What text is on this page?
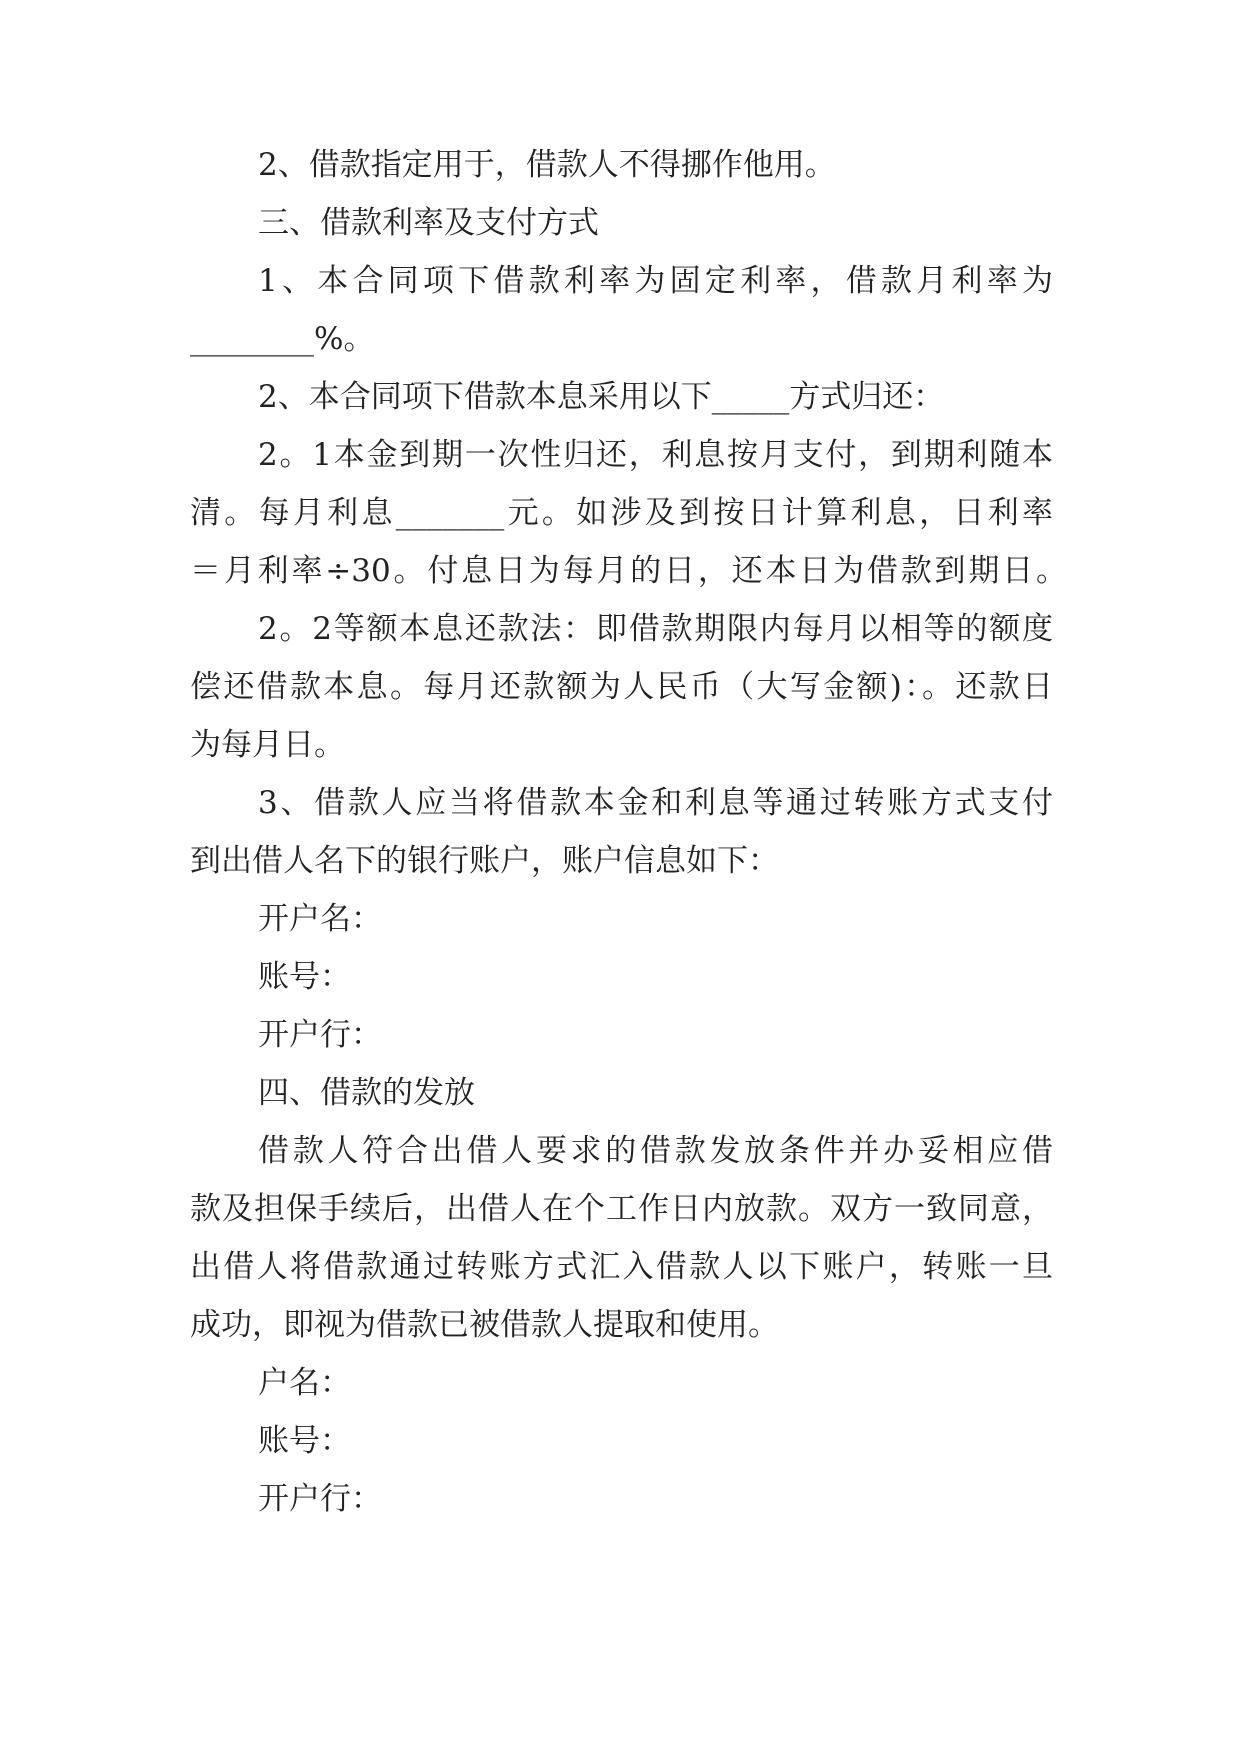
2、借款指定用于，借款人不得挪作他用。

三、借款利率及支付方式

1、本合同项下借款利率为固定利率，借款月利率为

________%。

2、本合同项下借款本息采用以下_____方式归还：

2。1本金到期一次性归还，利息按月支付，到期利随本

清。每月利息_______元。如涉及到按日计算利息，日利率

＝月利率÷30。付息日为每月的日，还本日为借款到期日。

2。2等额本息还款法：即借款期限内每月以相等的额度

偿还借款本息。每月还款额为人民币（大写金额)：。还款日

为每月日。

3、借款人应当将借款本金和利息等通过转账方式支付

到出借人名下的银行账户，账户信息如下：

开户名：

账号：

开户行：

四、借款的发放

借款人符合出借人要求的借款发放条件并办妥相应借

款及担保手续后，出借人在个工作日内放款。双方一致同意，

出借人将借款通过转账方式汇入借款人以下账户，转账一旦

成功，即视为借款已被借款人提取和使用。

户名：

账号：

开户行：
